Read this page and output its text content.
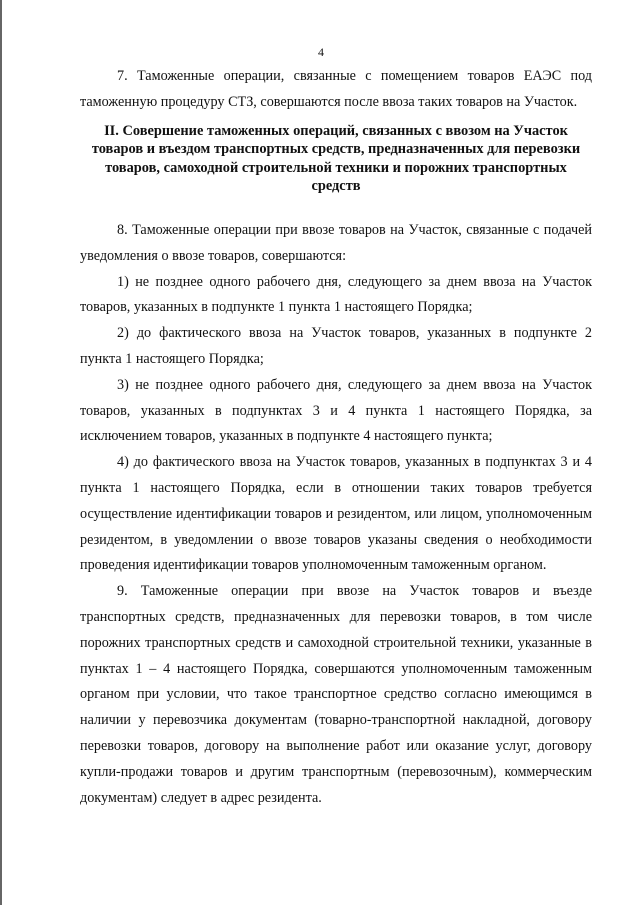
4

7. Таможенные операции, связанные с помещением товаров ЕАЭС под таможенную процедуру СТЗ, совершаются после ввоза таких товаров на Участок.

II. Совершение таможенных операций, связанных с ввозом на Участок товаров и въездом транспортных средств, предназначенных для перевозки товаров, самоходной строительной техники и порожних транспортных средств

8. Таможенные операции при ввозе товаров на Участок, связанные с подачей уведомления о ввозе товаров, совершаются:

1) не позднее одного рабочего дня, следующего за днем ввоза на Участок товаров, указанных в подпункте 1 пункта 1 настоящего Порядка;

2) до фактического ввоза на Участок товаров, указанных в подпункте 2 пункта 1 настоящего Порядка;

3) не позднее одного рабочего дня, следующего за днем ввоза на Участок товаров, указанных в подпунктах 3 и 4 пункта 1 настоящего Порядка, за исключением товаров, указанных в подпункте 4 настоящего пункта;

4) до фактического ввоза на Участок товаров, указанных в подпунктах 3 и 4 пункта 1 настоящего Порядка, если в отношении таких товаров требуется осуществление идентификации товаров и резидентом, или лицом, уполномоченным резидентом, в уведомлении о ввозе товаров указаны сведения о необходимости проведения идентификации товаров уполномоченным таможенным органом.

9. Таможенные операции при ввозе на Участок товаров и въезде транспортных средств, предназначенных для перевозки товаров, в том числе порожних транспортных средств и самоходной строительной техники, указанные в пунктах 1 – 4 настоящего Порядка, совершаются уполномоченным таможенным органом при условии, что такое транспортное средство согласно имеющимся в наличии у перевозчика документам (товарно-транспортной накладной, договору перевозки товаров, договору на выполнение работ или оказание услуг, договору купли-продажи товаров и другим транспортным (перевозочным), коммерческим документам) следует в адрес резидента.
